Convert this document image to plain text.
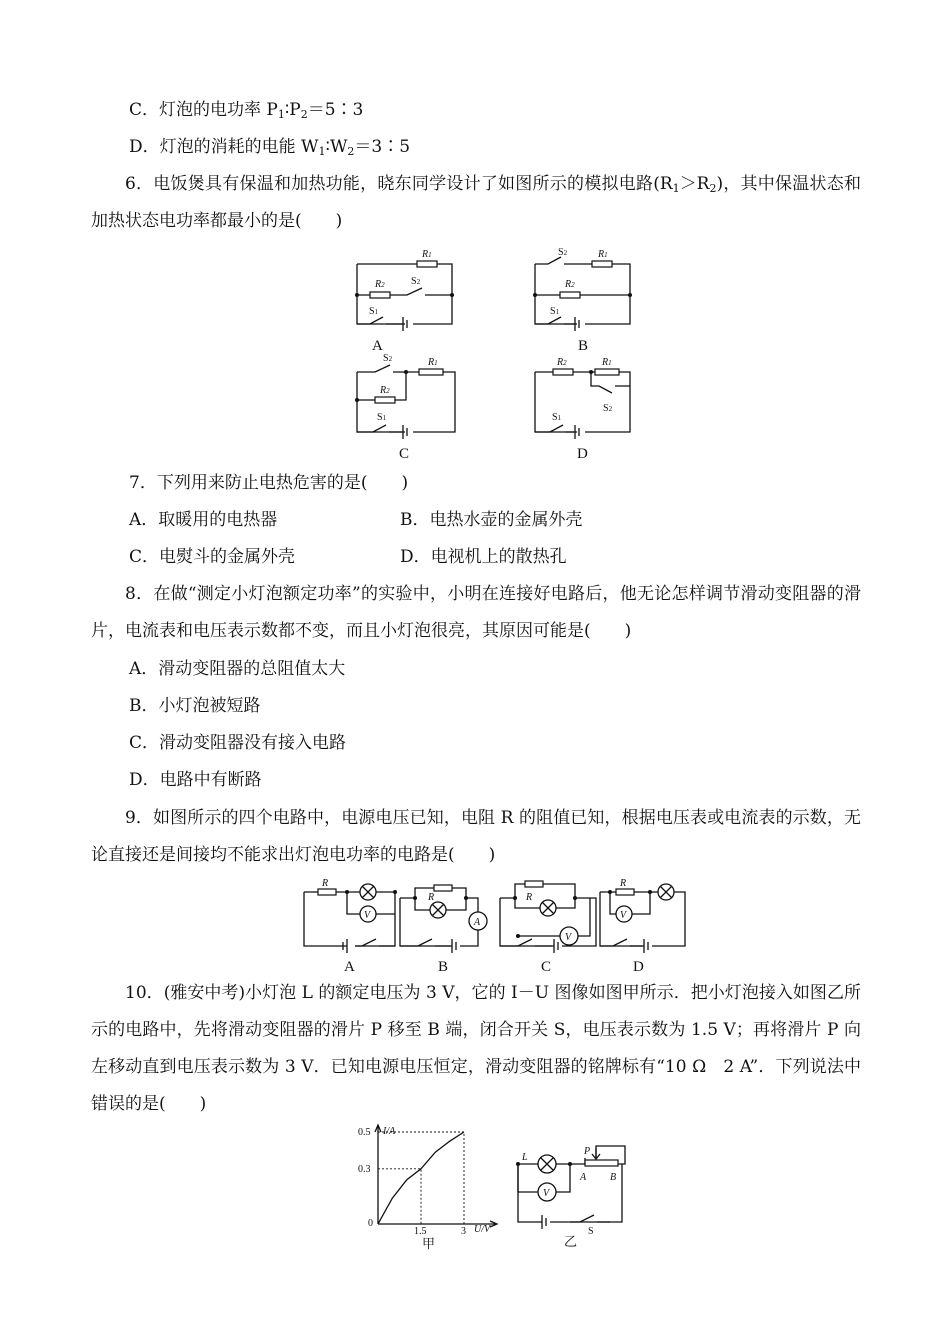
C．灯泡的电功率 $P_1∶P_2=5∶3$
D．灯泡的消耗的电能 $W_1∶W_2=3∶5$
6．电饭煲具有保温和加热功能，晓东同学设计了如图所示的模拟电路$(R_1>R_2)$，其中保温状态和加热状态电功率都最小的是(　　)
R1
R2	S2
S1
A
S2	R1
R2
S1
B
S2	R1
R2
S1
C
R2	R1
S2
S1
D
7．下列用来防止电热危害的是(　　)
A．取暖用的电热器	B．电热水壶的金属外壳
C．电熨斗的金属外壳	D．电视机上的散热孔
8．在做“测定小灯泡额定功率”的实验中，小明在连接好电路后，他无论怎样调节滑动变阻器的滑片，电流表和电压表示数都不变，而且小灯泡很亮，其原因可能是(　　)
A．滑动变阻器的总阻值太大
B．小灯泡被短路
C．滑动变阻器没有接入电路
D．电路中有断路
9．如图所示的四个电路中，电源电压已知，电阻 R 的阻值已知，根据电压表或电流表的示数，无论直接还是间接均不能求出灯泡电功率的电路是(　　)
V
R
A
A
R
B
V
R
C
V
R
D
10．(雅安中考)小灯泡 L 的额定电压为 3 V，它的 I－U 图像如图甲所示．把小灯泡接入如图乙所示的电路中，先将滑动变阻器的滑片 P 移至 B 端，闭合开关 S，电压表示数为 1.5 V；再将滑片 P 向左移动直到电压表示数为 3 V．已知电源电压恒定，滑动变阻器的铭牌标有“10 Ω　2 A”．下列说法中错误的是(　　)
I/A
U/V
0
0.5
0.3
1.5	3
甲
V
L
P
A B
S
乙
